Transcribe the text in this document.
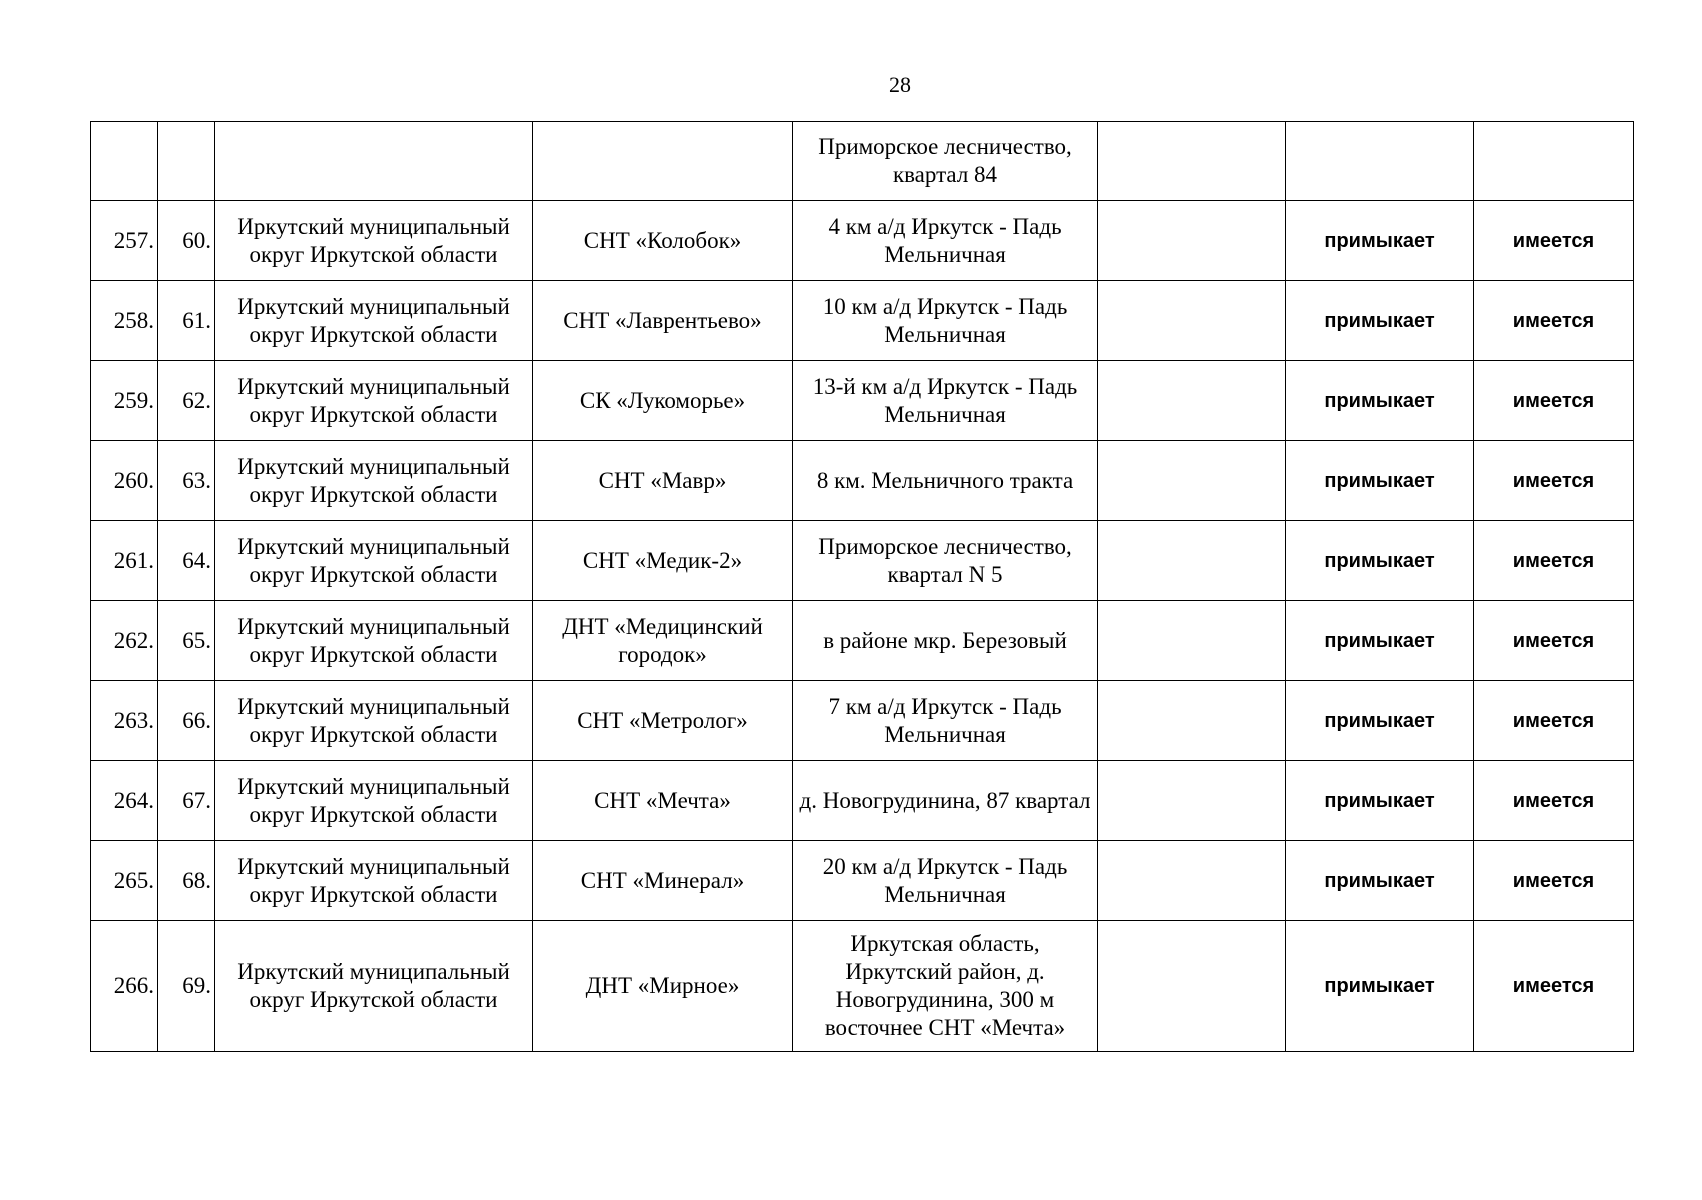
28
				Приморское лесничество, квартал 84			
257.	60.	Иркутский муниципальный округ Иркутской области	СНТ «Колобок»	4 км а/д Иркутск - Падь Мельничная		примыкает	имеется
258.	61.	Иркутский муниципальный округ Иркутской области	СНТ «Лаврентьево»	10 км а/д Иркутск - Падь Мельничная		примыкает	имеется
259.	62.	Иркутский муниципальный округ Иркутской области	СК «Лукоморье»	13-й км а/д Иркутск - Падь Мельничная		примыкает	имеется
260.	63.	Иркутский муниципальный округ Иркутской области	СНТ «Мавр»	8 км. Мельничного тракта		примыкает	имеется
261.	64.	Иркутский муниципальный округ Иркутской области	СНТ «Медик-2»	Приморское лесничество, квартал N 5		примыкает	имеется
262.	65.	Иркутский муниципальный округ Иркутской области	ДНТ «Медицинский городок»	в районе мкр. Березовый		примыкает	имеется
263.	66.	Иркутский муниципальный округ Иркутской области	СНТ «Метролог»	7 км а/д Иркутск - Падь Мельничная		примыкает	имеется
264.	67.	Иркутский муниципальный округ Иркутской области	СНТ «Мечта»	д. Новогрудинина, 87 квартал		примыкает	имеется
265.	68.	Иркутский муниципальный округ Иркутской области	СНТ «Минерал»	20 км а/д Иркутск - Падь Мельничная		примыкает	имеется
266.	69.	Иркутский муниципальный округ Иркутской области	ДНТ «Мирное»	Иркутская область, Иркутский район, д. Новогрудинина, 300 м восточнее СНТ «Мечта»		примыкает	имеется
